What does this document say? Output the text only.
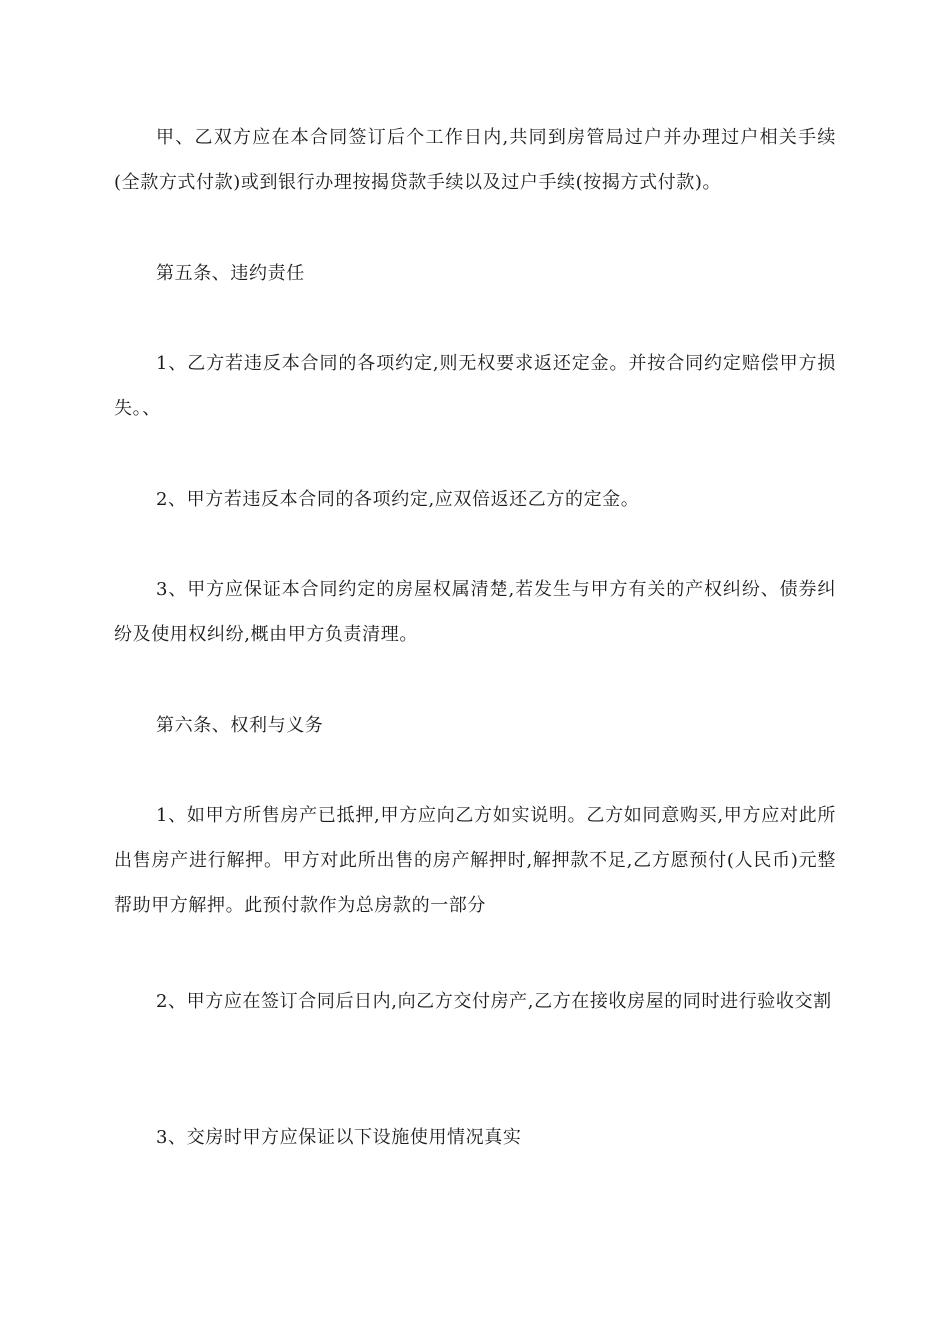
甲、乙双方应在本合同签订后个工作日内,共同到房管局过户并办理过户相关手续(全款方式付款)或到银行办理按揭贷款手续以及过户手续(按揭方式付款)。

第五条、违约责任

1、乙方若违反本合同的各项约定,则无权要求返还定金。并按合同约定赔偿甲方损失。、

2、甲方若违反本合同的各项约定,应双倍返还乙方的定金。

3、甲方应保证本合同约定的房屋权属清楚,若发生与甲方有关的产权纠纷、债券纠纷及使用权纠纷,概由甲方负责清理。

第六条、权利与义务

1、如甲方所售房产已抵押,甲方应向乙方如实说明。乙方如同意购买,甲方应对此所出售房产进行解押。甲方对此所出售的房产解押时,解押款不足,乙方愿预付(人民币)元整帮助甲方解押。此预付款作为总房款的一部分

2、甲方应在签订合同后日内,向乙方交付房产,乙方在接收房屋的同时进行验收交割

3、交房时甲方应保证以下设施使用情况真实
